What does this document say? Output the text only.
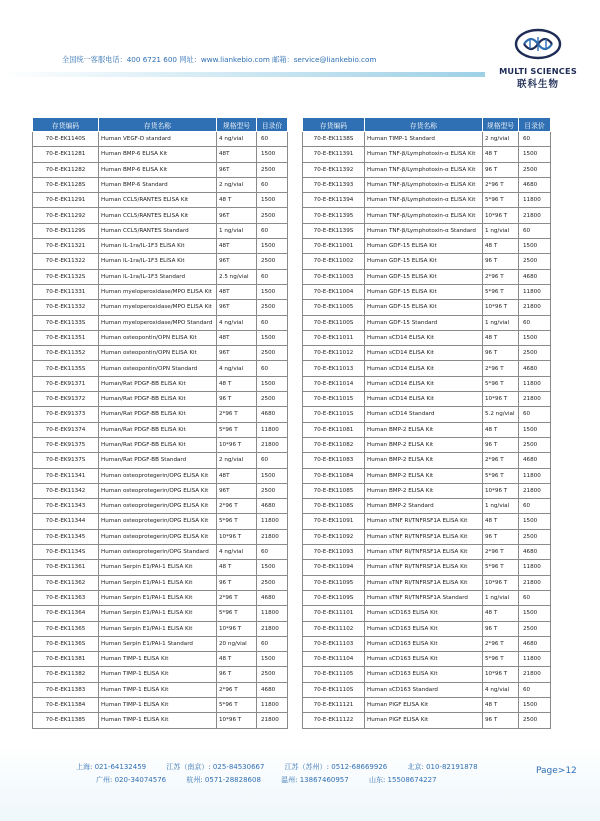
全国统一客服电话：400 6721 600 网址：www.liankebio.com 邮箱：service@liankebio.com
MULTI SCIENCES
联科生物
存货编码	存货名称	规格型号	目录价
70-E-EK1140S	Human VEGF-D standard	4 ng/vial	60
70-E-EK11281	Human BMP-6 ELISA Kit	48T	1500
70-E-EK11282	Human BMP-6 ELISA Kit	96T	2500
70-E-EK1128S	Human BMP-6 Standard	2 ng/vial	60
70-E-EK11291	Human CCL5/RANTES ELISA Kit	48 T	1500
70-E-EK11292	Human CCL5/RANTES ELISA Kit	96T	2500
70-E-EK1129S	Human CCL5/RANTES Standard	1 ng/vial	60
70-E-EK11321	Human IL-1ra/IL-1F3 ELISA Kit	48T	1500
70-E-EK11322	Human IL-1ra/IL-1F3 ELISA Kit	96T	2500
70-E-EK1132S	Human IL-1ra/IL-1F3 Standard	2.5 ng/vial	60
70-E-EK11331	Human myeloperoxidase/MPO ELISA Kit	48T	1500
70-E-EK11332	Human myeloperoxidase/MPO ELISA Kit	96T	2500
70-E-EK1133S	Human myeloperoxidase/MPO Standard	4 ng/vial	60
70-E-EK11351	Human osteopontin/OPN ELISA Kit	48T	1500
70-E-EK11352	Human osteopontin/OPN ELISA Kit	96T	2500
70-E-EK1135S	Human osteopontin/OPN Standard	4 ng/vial	60
70-E-EK91371	Human/Rat PDGF-BB ELISA Kit	48 T	1500
70-E-EK91372	Human/Rat PDGF-BB ELISA Kit	96 T	2500
70-E-EK91373	Human/Rat PDGF-BB ELISA Kit	2*96 T	4680
70-E-EK91374	Human/Rat PDGF-BB ELISA Kit	5*96 T	11800
70-E-EK91375	Human/Rat PDGF-BB ELISA Kit	10*96 T	21800
70-E-EK9137S	Human/Rat PDGF-BB Standard	2 ng/vial	60
70-E-EK11341	Human osteoprotegerin/OPG ELISA Kit	48T	1500
70-E-EK11342	Human osteoprotegerin/OPG ELISA Kit	96T	2500
70-E-EK11343	Human osteoprotegerin/OPG ELISA Kit	2*96 T	4680
70-E-EK11344	Human osteoprotegerin/OPG ELISA Kit	5*96 T	11800
70-E-EK11345	Human osteoprotegerin/OPG ELISA Kit	10*96 T	21800
70-E-EK1134S	Human osteoprotegerin/OPG Standard	4 ng/vial	60
70-E-EK11361	Human Serpin E1/PAI-1 ELISA Kit	48 T	1500
70-E-EK11362	Human Serpin E1/PAI-1 ELISA Kit	96 T	2500
70-E-EK11363	Human Serpin E1/PAI-1 ELISA Kit	2*96 T	4680
70-E-EK11364	Human Serpin E1/PAI-1 ELISA Kit	5*96 T	11800
70-E-EK11365	Human Serpin E1/PAI-1 ELISA Kit	10*96 T	21800
70-E-EK1136S	Human Serpin E1/PAI-1 Standard	20 ng/vial	60
70-E-EK11381	Human TIMP-1 ELISA Kit	48 T	1500
70-E-EK11382	Human TIMP-1 ELISA Kit	96 T	2500
70-E-EK11383	Human TIMP-1 ELISA Kit	2*96 T	4680
70-E-EK11384	Human TIMP-1 ELISA Kit	5*96 T	11800
70-E-EK11385	Human TIMP-1 ELISA Kit	10*96 T	21800
存货编码	存货名称	规格型号	目录价
70-E-EK1138S	Human TIMP-1 Standard	2 ng/vial	60
70-E-EK11391	Human TNF-β/Lymphotoxin-α ELISA Kit	48 T	1500
70-E-EK11392	Human TNF-β/Lymphotoxin-α ELISA Kit	96 T	2500
70-E-EK11393	Human TNF-β/Lymphotoxin-α ELISA Kit	2*96 T	4680
70-E-EK11394	Human TNF-β/Lymphotoxin-α ELISA Kit	5*96 T	11800
70-E-EK11395	Human TNF-β/Lymphotoxin-α ELISA Kit	10*96 T	21800
70-E-EK1139S	Human TNF-β/Lymphotoxin-α Standard	1 ng/vial	60
70-E-EK11001	Human GDF-15 ELISA Kit	48 T	1500
70-E-EK11002	Human GDF-15 ELISA Kit	96 T	2500
70-E-EK11003	Human GDF-15 ELISA Kit	2*96 T	4680
70-E-EK11004	Human GDF-15 ELISA Kit	5*96 T	11800
70-E-EK11005	Human GDF-15 ELISA Kit	10*96 T	21800
70-E-EK1100S	Human GDF-15 Standard	1 ng/vial	60
70-E-EK11011	Human sCD14 ELISA Kit	48 T	1500
70-E-EK11012	Human sCD14 ELISA Kit	96 T	2500
70-E-EK11013	Human sCD14 ELISA Kit	2*96 T	4680
70-E-EK11014	Human sCD14 ELISA Kit	5*96 T	11800
70-E-EK11015	Human sCD14 ELISA Kit	10*96 T	21800
70-E-EK1101S	Human sCD14 Standard	5.2 ng/vial	60
70-E-EK11081	Human BMP-2 ELISA Kit	48 T	1500
70-E-EK11082	Human BMP-2 ELISA Kit	96 T	2500
70-E-EK11083	Human BMP-2 ELISA Kit	2*96 T	4680
70-E-EK11084	Human BMP-2 ELISA Kit	5*96 T	11800
70-E-EK11085	Human BMP-2 ELISA Kit	10*96 T	21800
70-E-EK1108S	Human BMP-2 Standard	1 ng/vial	60
70-E-EK11091	Human sTNF RI/TNFRSF1A ELISA Kit	48 T	1500
70-E-EK11092	Human sTNF RI/TNFRSF1A ELISA Kit	96 T	2500
70-E-EK11093	Human sTNF RI/TNFRSF1A ELISA Kit	2*96 T	4680
70-E-EK11094	Human sTNF RI/TNFRSF1A ELISA Kit	5*96 T	11800
70-E-EK11095	Human sTNF RI/TNFRSF1A ELISA Kit	10*96 T	21800
70-E-EK1109S	Human sTNF RI/TNFRSF1A Standard	1 ng/vial	60
70-E-EK11101	Human sCD163 ELISA Kit	48 T	1500
70-E-EK11102	Human sCD163 ELISA Kit	96 T	2500
70-E-EK11103	Human sCD163 ELISA Kit	2*96 T	4680
70-E-EK11104	Human sCD163 ELISA Kit	5*96 T	11800
70-E-EK11105	Human sCD163 ELISA Kit	10*96 T	21800
70-E-EK1110S	Human sCD163 Standard	4 ng/vial	60
70-E-EK11121	Human PlGF ELISA Kit	48 T	1500
70-E-EK11122	Human PlGF ELISA Kit	96 T	2500
上海: 021-64132459	江苏（南京）: 025-84530667	江苏（苏州）: 0512-68669926	北京: 010-82191878
广州: 020-34074576	杭州: 0571-28828608	温州: 13867460957	山东: 15508674227
Page>12
